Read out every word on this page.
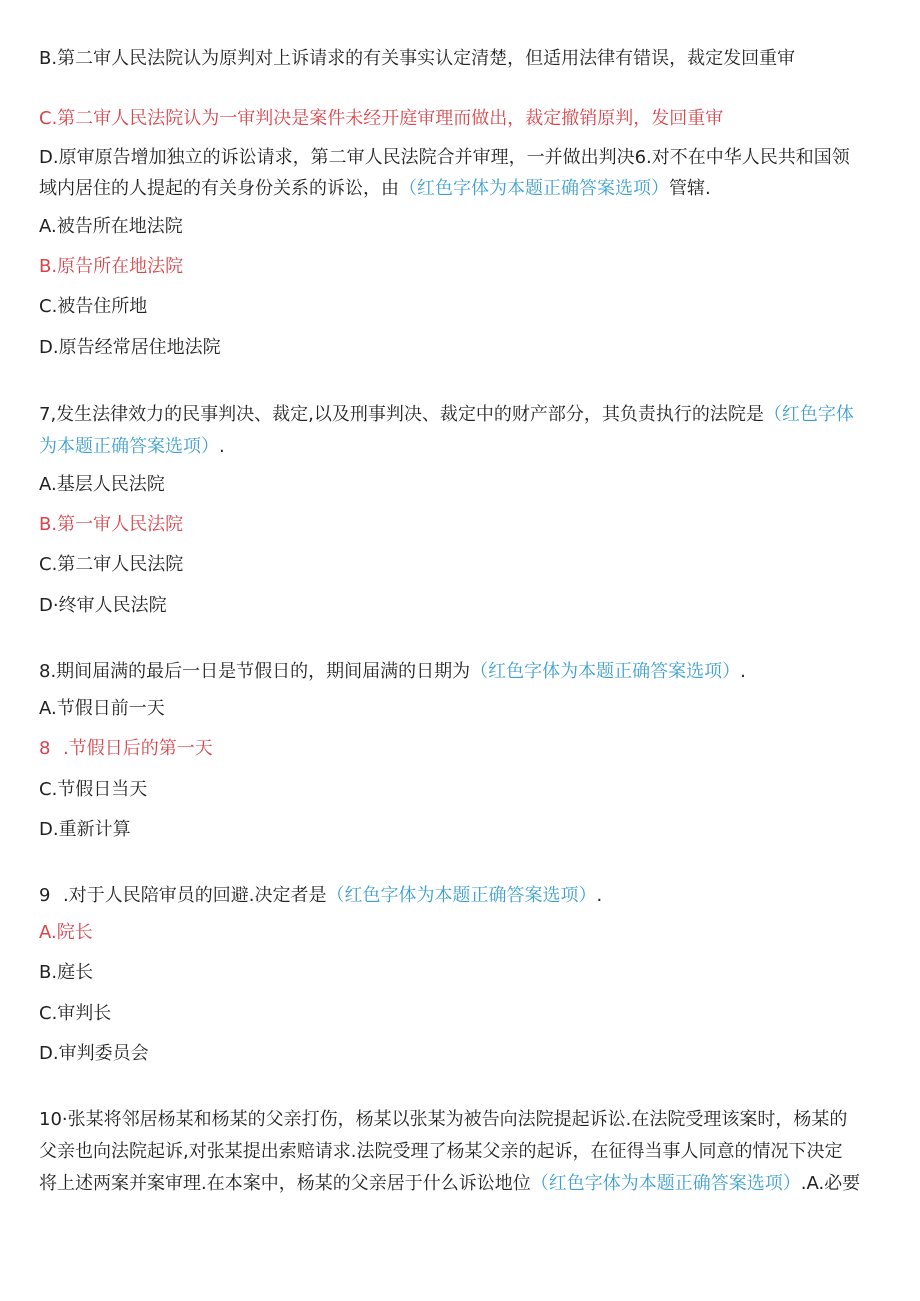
B.第二审人民法院认为原判对上诉请求的有关事实认定清楚，但适用法律有错误，裁定发回重审
C.第二审人民法院认为一审判决是案件未经开庭审理而做出，裁定撤销原判，发回重审
D.原审原告增加独立的诉讼请求，第二审人民法院合并审理，一并做出判决6.对不在中华人民共和国领
域内居住的人提起的有关身份关系的诉讼，由（红色字体为本题正确答案选项）管辖.
A.被告所在地法院
B.原告所在地法院
C.被告住所地
D.原告经常居住地法院
7,发生法律效力的民事判决、裁定,以及刑事判决、裁定中的财产部分，其负责执行的法院是（红色字体
为本题正确答案选项）.
A.基层人民法院
B.第一审人民法院
C.第二审人民法院
D·终审人民法院
8.期间届满的最后一日是节假日的，期间届满的日期为（红色字体为本题正确答案选项）.
A.节假日前一天
8 .节假日后的第一天
C.节假日当天
D.重新计算
9 .对于人民陪审员的回避.决定者是（红色字体为本题正确答案选项）.
A.院长
B.庭长
C.审判长
D.审判委员会
10·张某将邻居杨某和杨某的父亲打伤，杨某以张某为被告向法院提起诉讼.在法院受理该案时，杨某的
父亲也向法院起诉,对张某提出索赔请求.法院受理了杨某父亲的起诉，在征得当事人同意的情况下决定
将上述两案并案审理.在本案中，杨某的父亲居于什么诉讼地位（红色字体为本题正确答案选项）.A.必要
